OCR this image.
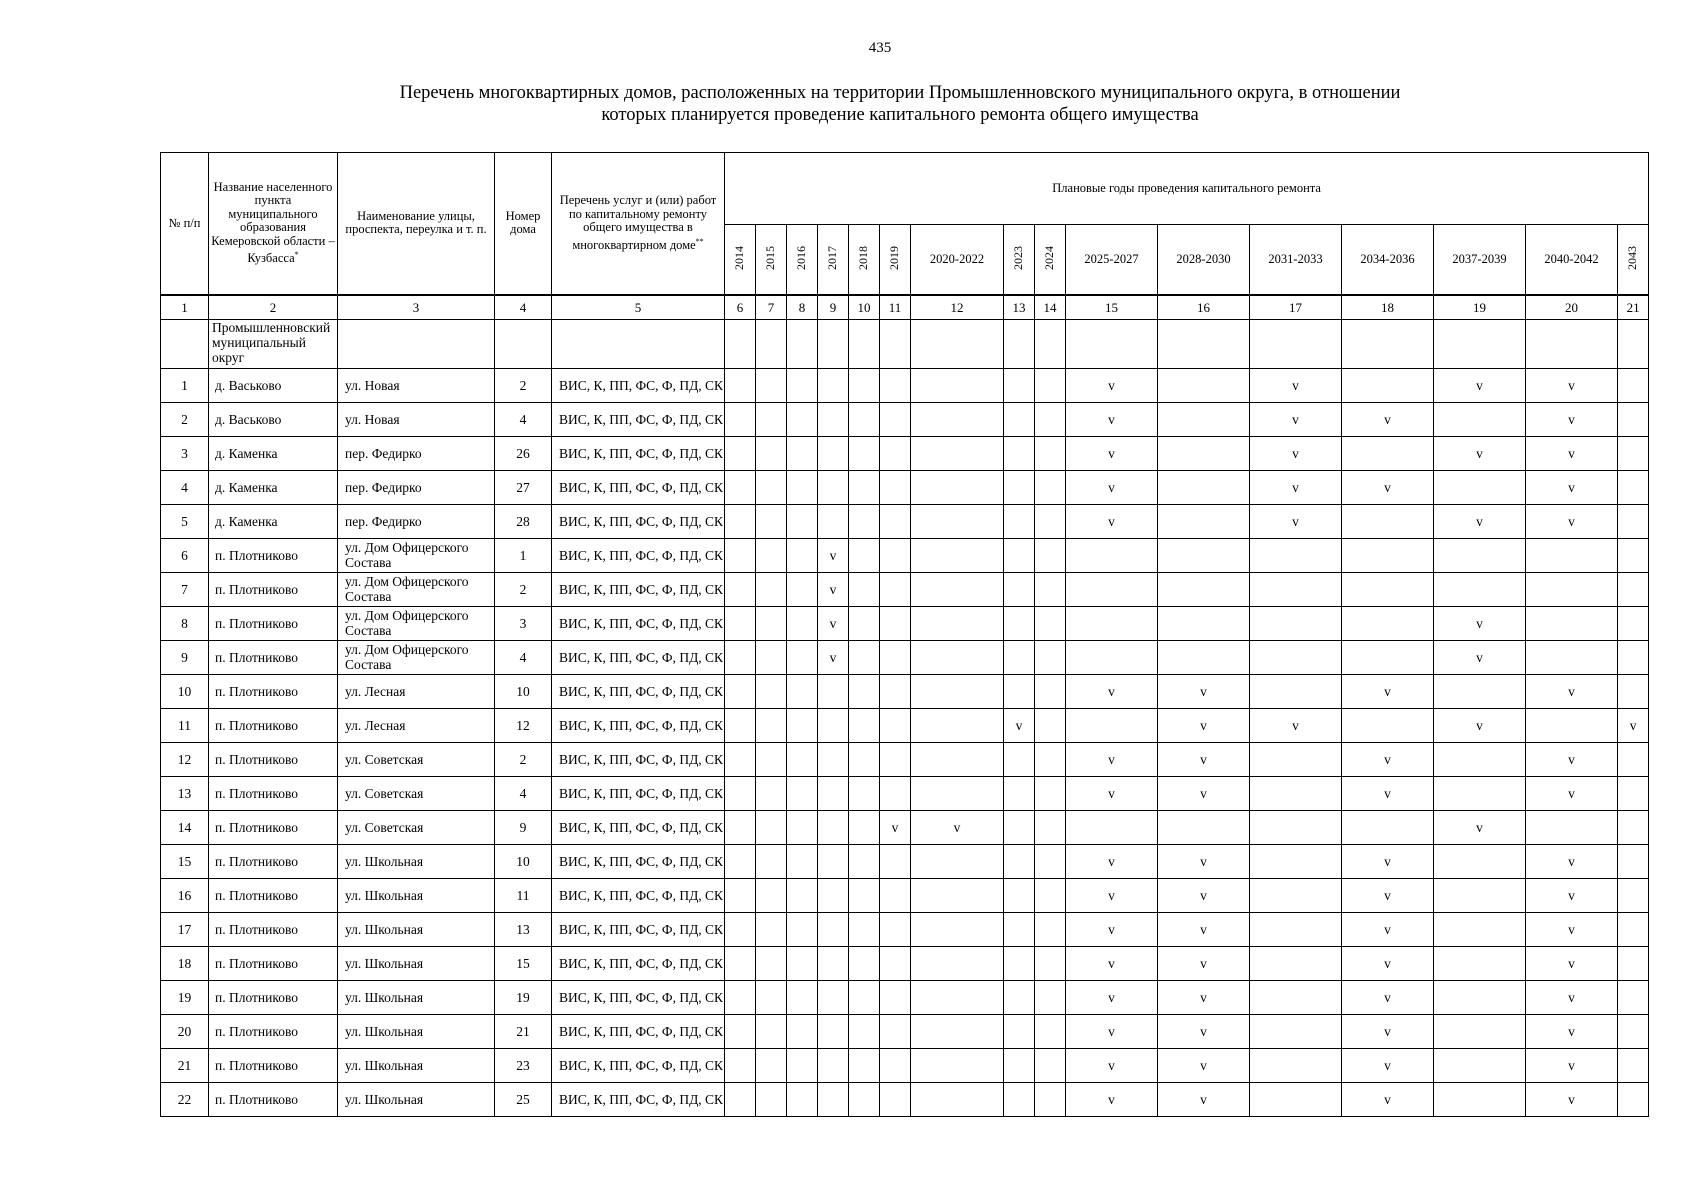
435
Перечень многоквартирных домов, расположенных на территории Промышленновского муниципального округа, в отношении
которых планируется проведение капитального ремонта общего имущества
№ п/п	Название населенного пункта муниципального образования Кемеровской области – Кузбасса*	Наименование улицы, проспекта, переулка и т. п.	Номер дома	Перечень услуг и (или) работ по капитальному ремонту общего имущества в многоквартирном доме**	Плановые годы проведения капитального ремонта															
					2014	2015	2016	2017	2018	2019	2020-2022	2023	2024	2025-2027	2028-2030	2031-2033	2034-2036	2037-2039	2040-2042	2043
1	2	3	4	5	6	7	8	9	10	11	12	13	14	15	16	17	18	19	20	21
	Промышленновский муниципальный округ																			
1	д. Васьково	ул. Новая	2	ВИС, К, ПП, ФС, Ф, ПД, СК										v		v		v	v	
2	д. Васьково	ул. Новая	4	ВИС, К, ПП, ФС, Ф, ПД, СК										v		v	v		v	
3	д. Каменка	пер. Федирко	26	ВИС, К, ПП, ФС, Ф, ПД, СК										v		v		v	v	
4	д. Каменка	пер. Федирко	27	ВИС, К, ПП, ФС, Ф, ПД, СК										v		v	v		v	
5	д. Каменка	пер. Федирко	28	ВИС, К, ПП, ФС, Ф, ПД, СК										v		v		v	v	
6	п. Плотниково	ул. Дом Офицерского Состава	1	ВИС, К, ПП, ФС, Ф, ПД, СК				v												
7	п. Плотниково	ул. Дом Офицерского Состава	2	ВИС, К, ПП, ФС, Ф, ПД, СК				v												
8	п. Плотниково	ул. Дом Офицерского Состава	3	ВИС, К, ПП, ФС, Ф, ПД, СК				v										v		
9	п. Плотниково	ул. Дом Офицерского Состава	4	ВИС, К, ПП, ФС, Ф, ПД, СК				v										v		
10	п. Плотниково	ул. Лесная	10	ВИС, К, ПП, ФС, Ф, ПД, СК										v	v		v		v	
11	п. Плотниково	ул. Лесная	12	ВИС, К, ПП, ФС, Ф, ПД, СК								v			v	v		v		v
12	п. Плотниково	ул. Советская	2	ВИС, К, ПП, ФС, Ф, ПД, СК										v	v		v		v	
13	п. Плотниково	ул. Советская	4	ВИС, К, ПП, ФС, Ф, ПД, СК										v	v		v		v	
14	п. Плотниково	ул. Советская	9	ВИС, К, ПП, ФС, Ф, ПД, СК						v	v							v		
15	п. Плотниково	ул. Школьная	10	ВИС, К, ПП, ФС, Ф, ПД, СК										v	v		v		v	
16	п. Плотниково	ул. Школьная	11	ВИС, К, ПП, ФС, Ф, ПД, СК										v	v		v		v	
17	п. Плотниково	ул. Школьная	13	ВИС, К, ПП, ФС, Ф, ПД, СК										v	v		v		v	
18	п. Плотниково	ул. Школьная	15	ВИС, К, ПП, ФС, Ф, ПД, СК										v	v		v		v	
19	п. Плотниково	ул. Школьная	19	ВИС, К, ПП, ФС, Ф, ПД, СК										v	v		v		v	
20	п. Плотниково	ул. Школьная	21	ВИС, К, ПП, ФС, Ф, ПД, СК										v	v		v		v	
21	п. Плотниково	ул. Школьная	23	ВИС, К, ПП, ФС, Ф, ПД, СК										v	v		v		v	
22	п. Плотниково	ул. Школьная	25	ВИС, К, ПП, ФС, Ф, ПД, СК										v	v		v		v	
